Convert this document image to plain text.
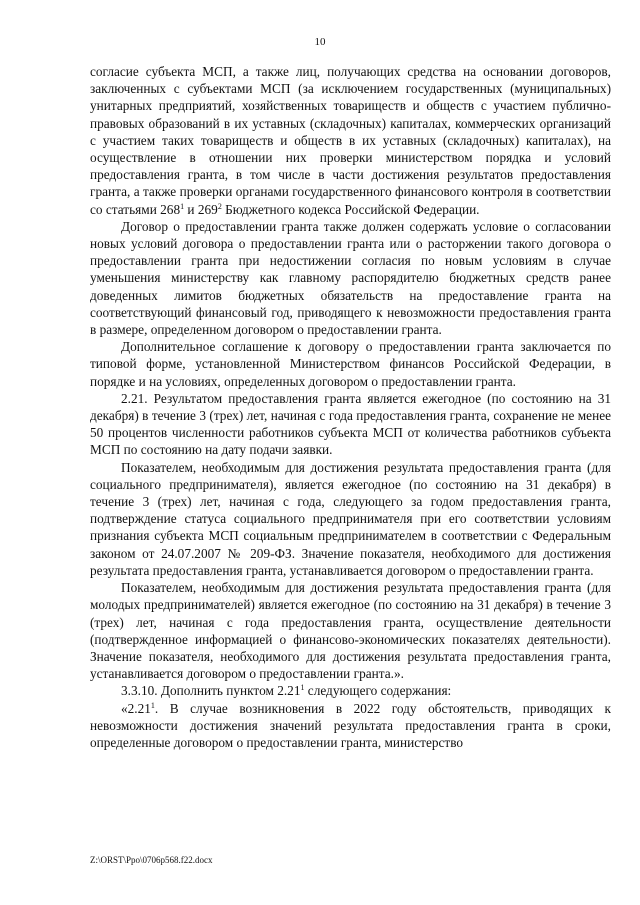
10

согласие субъекта МСП, а также лиц, получающих средства на основании договоров, заключенных с субъектами МСП (за исключением государственных (муниципальных) унитарных предприятий, хозяйственных товариществ и обществ с участием публично-правовых образований в их уставных (складочных) капиталах, коммерческих организаций с участием таких товариществ и обществ в их уставных (складочных) капиталах), на осуществление в отношении них проверки министерством порядка и условий предоставления гранта, в том числе в части достижения результатов предоставления гранта, а также проверки органами государственного финансового контроля в соответствии со статьями $268^1$ и $269^2$ Бюджетного кодекса Российской Федерации.

Договор о предоставлении гранта также должен содержать условие о согласовании новых условий договора о предоставлении гранта или о расторжении такого договора о предоставлении гранта при недостижении согласия по новым условиям в случае уменьшения министерству как главному распорядителю бюджетных средств ранее доведенных лимитов бюджетных обязательств на предоставление гранта на соответствующий финансовый год, приводящего к невозможности предоставления гранта в размере, определенном договором о предоставлении гранта.

Дополнительное соглашение к договору о предоставлении гранта заключается по типовой форме, установленной Министерством финансов Российской Федерации, в порядке и на условиях, определенных договором о предоставлении гранта.

2.21. Результатом предоставления гранта является ежегодное (по состоянию на 31 декабря) в течение 3 (трех) лет, начиная с года предоставления гранта, сохранение не менее 50 процентов численности работников субъекта МСП от количества работников субъекта МСП по состоянию на дату подачи заявки.

Показателем, необходимым для достижения результата предоставления гранта (для социального предпринимателя), является ежегодное (по состоянию на 31 декабря) в течение 3 (трех) лет, начиная с года, следующего за годом предоставления гранта, подтверждение статуса социального предпринимателя при его соответствии условиям признания субъекта МСП социальным предпринимателем в соответствии с Федеральным законом от 24.07.2007 № 209-ФЗ. Значение показателя, необходимого для достижения результата предоставления гранта, устанавливается договором о предоставлении гранта.

Показателем, необходимым для достижения результата предоставления гранта (для молодых предпринимателей) является ежегодное (по состоянию на 31 декабря) в течение 3 (трех) лет, начиная с года предоставления гранта, осуществление деятельности (подтвержденное информацией о финансово-экономических показателях деятельности). Значение показателя, необходимого для достижения результата предоставления гранта, устанавливается договором о предоставлении гранта.».

3.3.10. Дополнить пунктом 2.21$^1$ следующего содержания:

«2.21$^1$. В случае возникновения в 2022 году обстоятельств, приводящих к невозможности достижения значений результата предоставления гранта в сроки, определенные договором о предоставлении гранта, министерство

Z:\ORST\Ppo\0706p568.f22.docx
